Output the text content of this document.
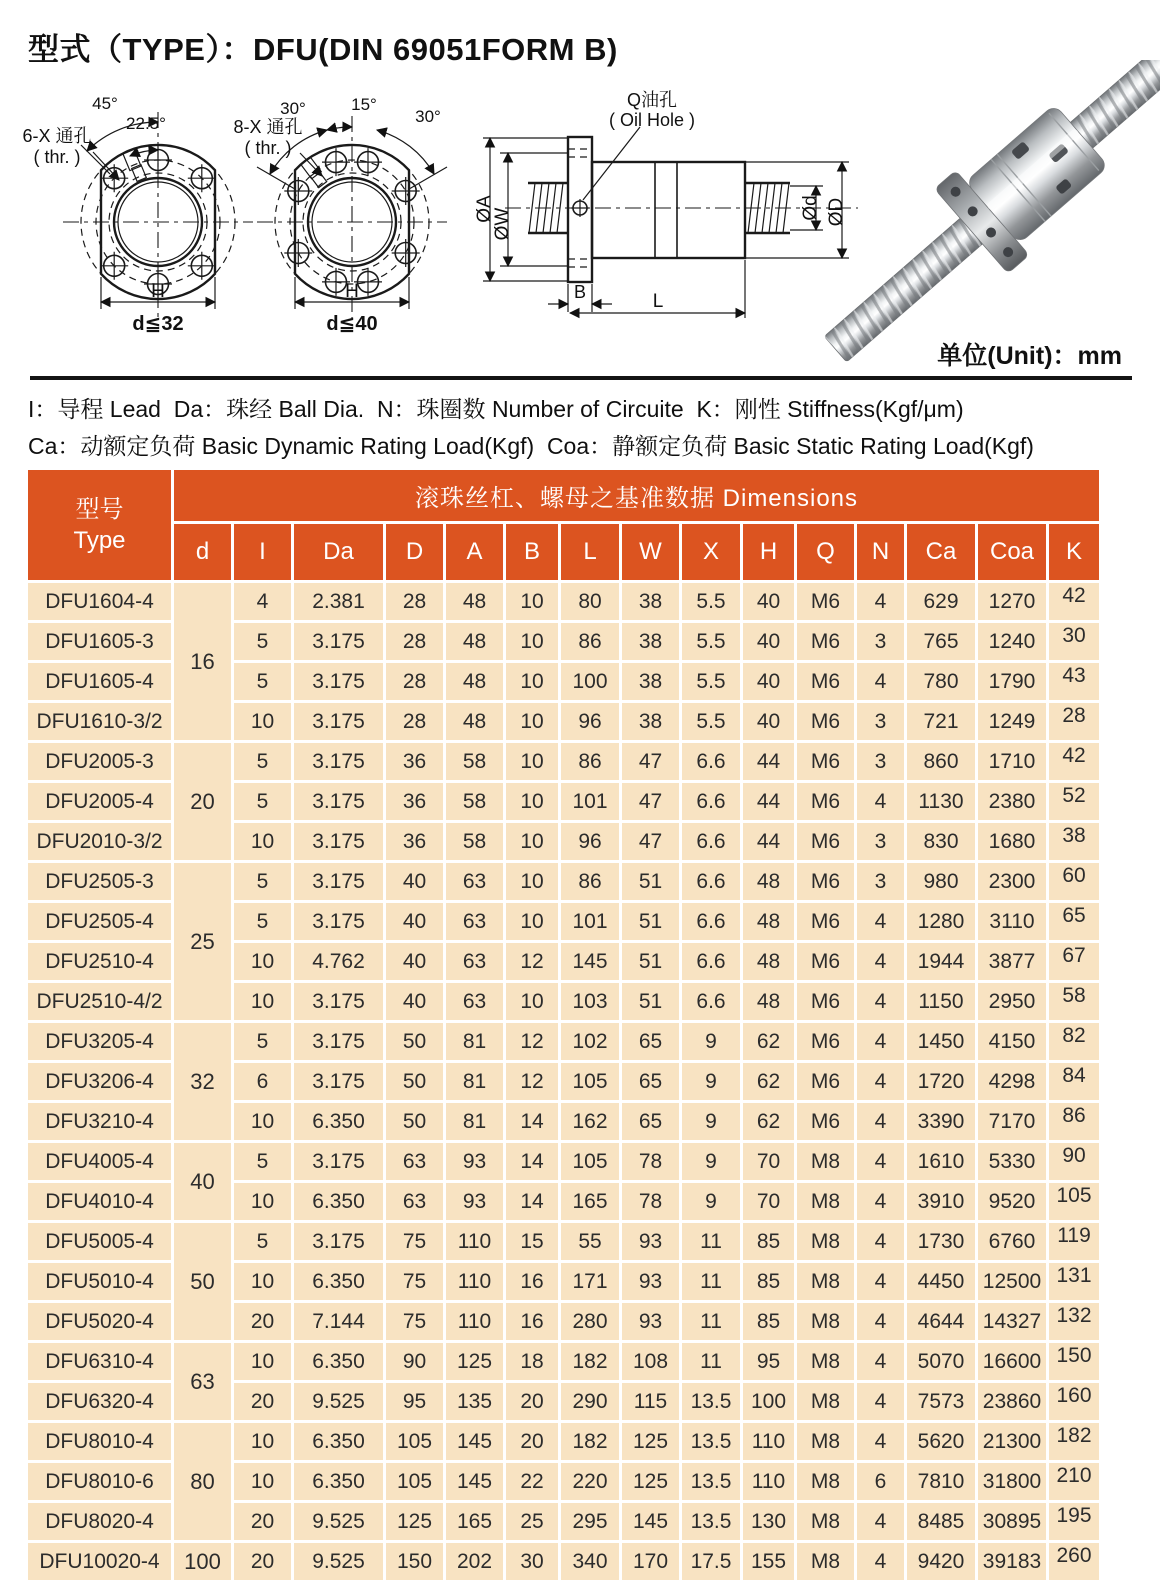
型式（TYPE）：DFU(DIN 69051FORM B)
45°
22.5°
6-X 通孔
( thr. )
H
d≦32
30°	15°
30°
8-X 通孔
( thr. )
H
d≦40
Q油孔
( Oil Hole )
ØA
ØW	Ød ØD
B	L
单位(Unit)：mm
I：导程 Lead  Da：珠经 Ball Dia.  N：珠圈数 Number of Circuite  K：刚性 Stiffness(Kgf/μm)
Ca：动额定负荷 Basic Dynamic Rating Load(Kgf)  Coa：静额定负荷 Basic Static Rating Load(Kgf)
型号
Type	滚珠丝杠、螺母之基准数据 Dimensions														
	d	I	Da	D	A	B	L	W	X	H	Q	N	Ca	Coa	K
DFU1604-4	16	4	2.381	28	48	10	80	38	5.5	40	M6	4	629	1270	42
DFU1605-3		5	3.175	28	48	10	86	38	5.5	40	M6	3	765	1240	30
DFU1605-4		5	3.175	28	48	10	100	38	5.5	40	M6	4	780	1790	43
DFU1610-3/2		10	3.175	28	48	10	96	38	5.5	40	M6	3	721	1249	28
DFU2005-3	20	5	3.175	36	58	10	86	47	6.6	44	M6	3	860	1710	42
DFU2005-4		5	3.175	36	58	10	101	47	6.6	44	M6	4	1130	2380	52
DFU2010-3/2		10	3.175	36	58	10	96	47	6.6	44	M6	3	830	1680	38
DFU2505-3	25	5	3.175	40	63	10	86	51	6.6	48	M6	3	980	2300	60
DFU2505-4		5	3.175	40	63	10	101	51	6.6	48	M6	4	1280	3110	65
DFU2510-4		10	4.762	40	63	12	145	51	6.6	48	M6	4	1944	3877	67
DFU2510-4/2		10	3.175	40	63	10	103	51	6.6	48	M6	4	1150	2950	58
DFU3205-4	32	5	3.175	50	81	12	102	65	9	62	M6	4	1450	4150	82
DFU3206-4		6	3.175	50	81	12	105	65	9	62	M6	4	1720	4298	84
DFU3210-4		10	6.350	50	81	14	162	65	9	62	M6	4	3390	7170	86
DFU4005-4	40	5	3.175	63	93	14	105	78	9	70	M8	4	1610	5330	90
DFU4010-4		10	6.350	63	93	14	165	78	9	70	M8	4	3910	9520	105
DFU5005-4	50	5	3.175	75	110	15	55	93	11	85	M8	4	1730	6760	119
DFU5010-4		10	6.350	75	110	16	171	93	11	85	M8	4	4450	12500	131
DFU5020-4		20	7.144	75	110	16	280	93	11	85	M8	4	4644	14327	132
DFU6310-4	63	10	6.350	90	125	18	182	108	11	95	M8	4	5070	16600	150
DFU6320-4		20	9.525	95	135	20	290	115	13.5	100	M8	4	7573	23860	160
DFU8010-4	80	10	6.350	105	145	20	182	125	13.5	110	M8	4	5620	21300	182
DFU8010-6		10	6.350	105	145	22	220	125	13.5	110	M8	6	7810	31800	210
DFU8020-4		20	9.525	125	165	25	295	145	13.5	130	M8	4	8485	30895	195
DFU10020-4	100	20	9.525	150	202	30	340	170	17.5	155	M8	4	9420	39183	260
